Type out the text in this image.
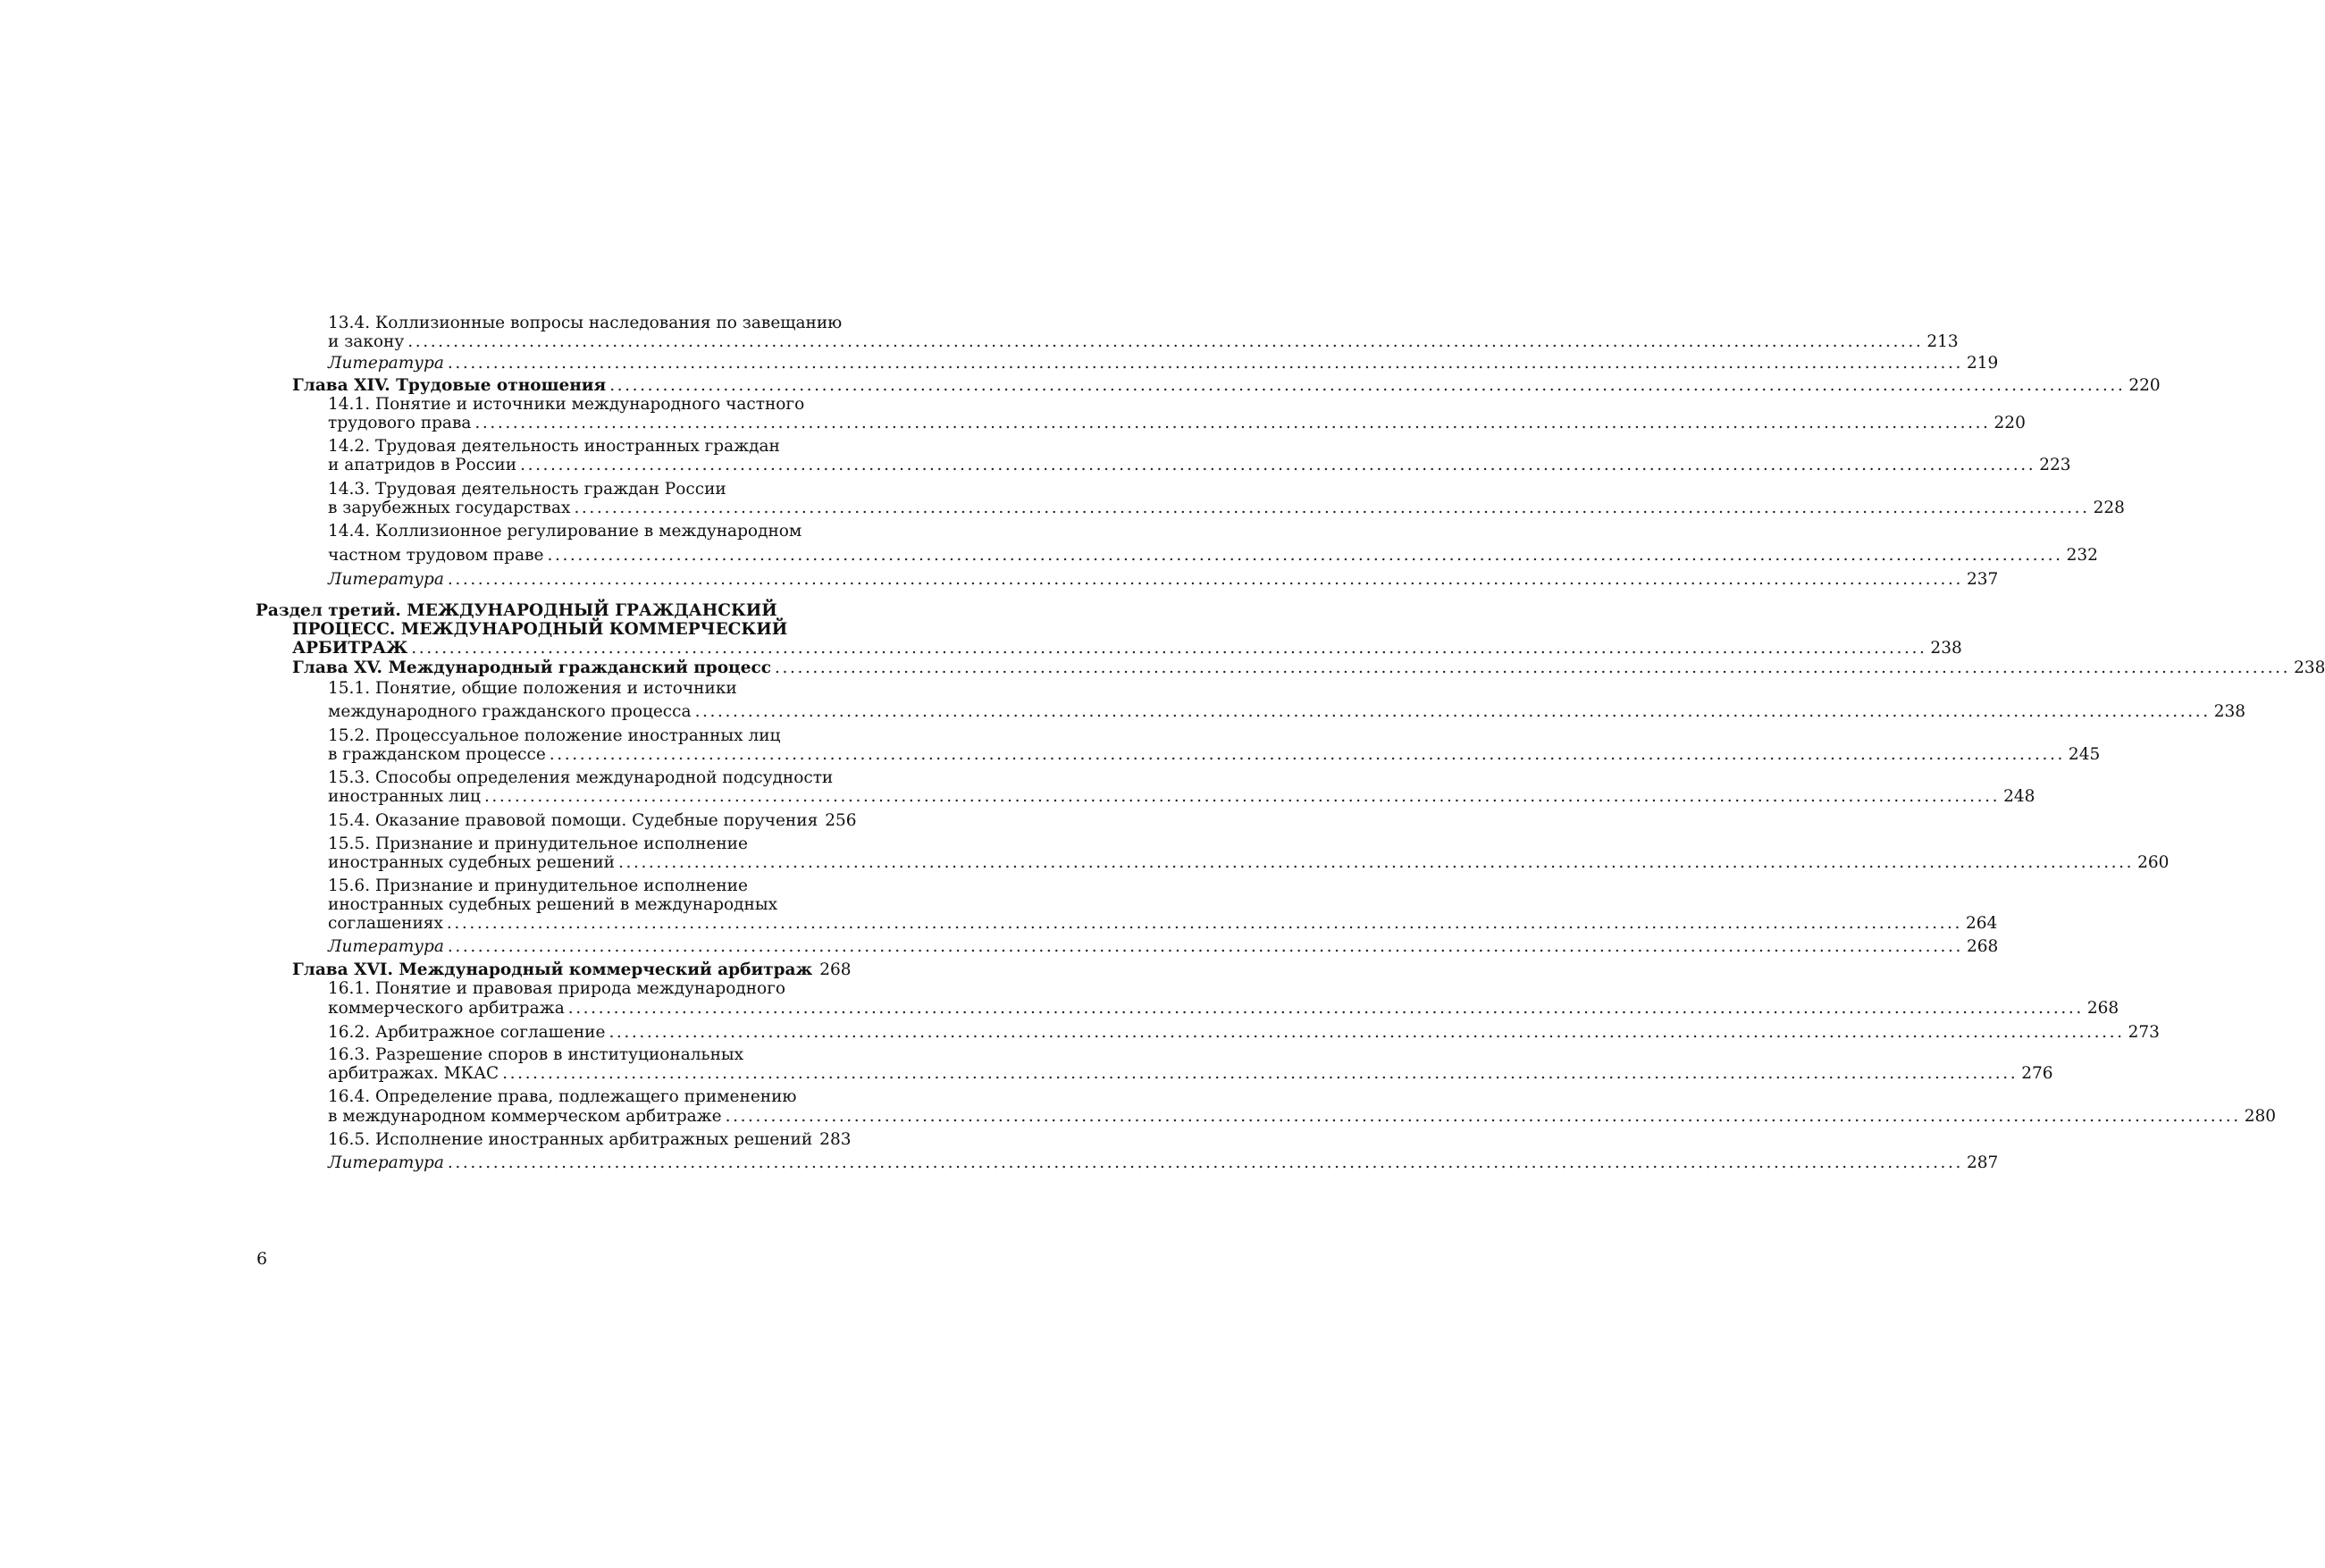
13.4. Коллизионные вопросы наследования по завещанию
и закону ........................................................................................................................................................................................................ 213
Литература ........................................................................................................................................................................................................ 219
Глава XIV. Трудовые отношения ........................................................................................................................................................................................................ 220
14.1. Понятие и источники международного частного
трудового права ........................................................................................................................................................................................................ 220
14.2. Трудовая деятельность иностранных граждан
и апатридов в России ........................................................................................................................................................................................................ 223
14.3. Трудовая деятельность граждан России
в зарубежных государствах ........................................................................................................................................................................................................ 228
14.4. Коллизионное регулирование в международном
частном трудовом праве ........................................................................................................................................................................................................ 232
Литература ........................................................................................................................................................................................................ 237
Раздел третий. МЕЖДУНАРОДНЫЙ ГРАЖДАНСКИЙ
ПРОЦЕСС. МЕЖДУНАРОДНЫЙ КОММЕРЧЕСКИЙ
АРБИТРАЖ ........................................................................................................................................................................................................ 238
Глава XV. Международный гражданский процесс ........................................................................................................................................................................................................ 238
15.1. Понятие, общие положения и источники
международного гражданского процесса ........................................................................................................................................................................................................ 238
15.2. Процессуальное положение иностранных лиц
в гражданском процессе ........................................................................................................................................................................................................ 245
15.3. Способы определения международной подсудности
иностранных лиц ........................................................................................................................................................................................................ 248
15.4. Оказание правовой помощи. Судебные поручения 256
15.5. Признание и принудительное исполнение
иностранных судебных решений ........................................................................................................................................................................................................ 260
15.6. Признание и принудительное исполнение
иностранных судебных решений в международных
соглашениях ........................................................................................................................................................................................................ 264
Литература ........................................................................................................................................................................................................ 268
Глава XVI. Международный коммерческий арбитраж 268
16.1. Понятие и правовая природа международного
коммерческого арбитража ........................................................................................................................................................................................................ 268
16.2. Арбитражное соглашение ........................................................................................................................................................................................................ 273
16.3. Разрешение споров в институциональных
арбитражах. МКАС ........................................................................................................................................................................................................ 276
16.4. Определение права, подлежащего применению
в международном коммерческом арбитраже ........................................................................................................................................................................................................ 280
16.5. Исполнение иностранных арбитражных решений 283
Литература ........................................................................................................................................................................................................ 287
6
